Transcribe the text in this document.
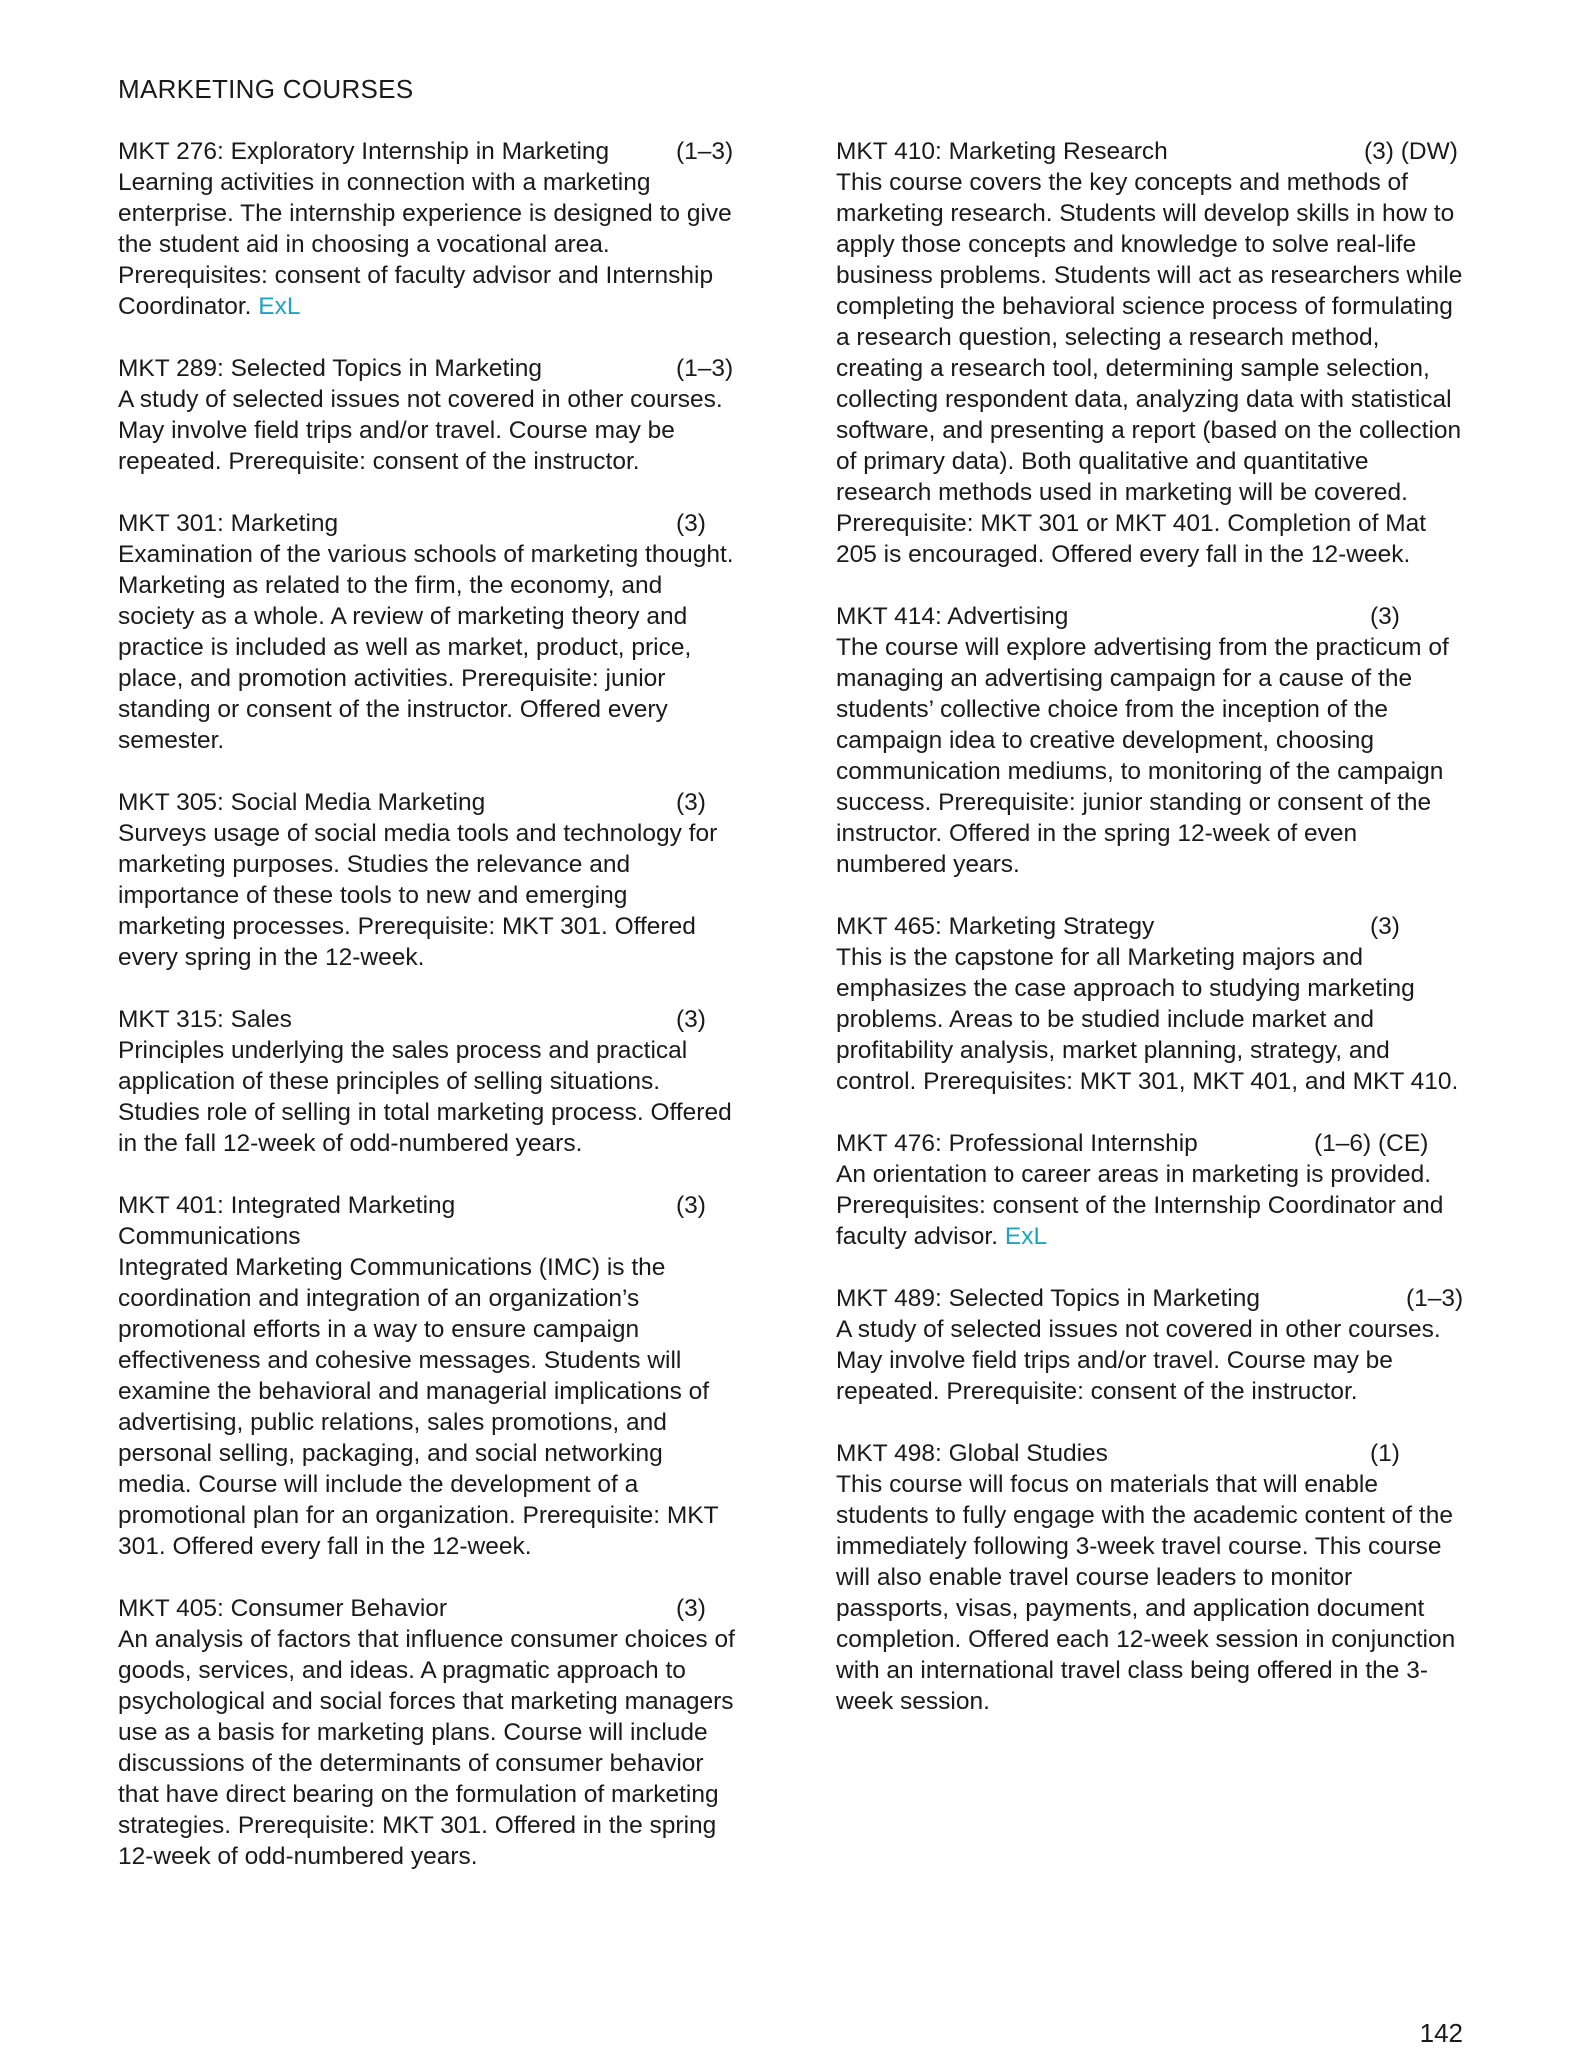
MARKETING COURSES
MKT 276: Exploratory Internship in Marketing	(1–3)

Learning activities in connection with a marketing enterprise. The internship experience is designed to give the student aid in choosing a vocational area. Prerequisites: consent of faculty advisor and Internship Coordinator. ExL

MKT 289: Selected Topics in Marketing	(1–3)

A study of selected issues not covered in other courses. May involve field trips and/or travel. Course may be repeated. Prerequisite: consent of the instructor.

MKT 301: Marketing	(3)

Examination of the various schools of marketing thought. Marketing as related to the firm, the economy, and society as a whole. A review of marketing theory and practice is included as well as market, product, price, place, and promotion activities. Prerequisite: junior standing or consent of the instructor. Offered every semester.

MKT 305: Social Media Marketing	(3)

Surveys usage of social media tools and technology for marketing purposes. Studies the relevance and importance of these tools to new and emerging marketing processes. Prerequisite: MKT 301. Offered every spring in the 12-week.

MKT 315: Sales	(3)

Principles underlying the sales process and practical application of these principles of selling situations. Studies role of selling in total marketing process. Offered in the fall 12-week of odd-numbered years.

MKT 401: Integrated Marketing Communications
(3)

Integrated Marketing Communications (IMC) is the coordination and integration of an organization’s promotional efforts in a way to ensure campaign effectiveness and cohesive messages. Students will examine the behavioral and managerial implications of advertising, public relations, sales promotions, and personal selling, packaging, and social networking media. Course will include the development of a promotional plan for an organization. Prerequisite: MKT 301. Offered every fall in the 12-week.

MKT 405: Consumer Behavior	(3)

An analysis of factors that influence consumer choices of goods, services, and ideas. A pragmatic approach to psychological and social forces that marketing managers use as a basis for marketing plans. Course will include discussions of the determinants of consumer behavior that have direct bearing on the formulation of marketing strategies. Prerequisite: MKT 301. Offered in the spring 12-week of odd-numbered years.

MKT 410: Marketing Research	(3) (DW)

This course covers the key concepts and methods of marketing research. Students will develop skills in how to apply those concepts and knowledge to solve real-life business problems. Students will act as researchers while completing the behavioral science process of formulating a research question, selecting a research method, creating a research tool, determining sample selection, collecting respondent data, analyzing data with statistical software, and presenting a report (based on the collection of primary data). Both qualitative and quantitative research methods used in marketing will be covered. Prerequisite: MKT 301 or MKT 401. Completion of Mat 205 is encouraged. Offered every fall in the 12-week.

MKT 414: Advertising	(3)

The course will explore advertising from the practicum of managing an advertising campaign for a cause of the students’ collective choice from the inception of the campaign idea to creative development, choosing communication mediums, to monitoring of the campaign success. Prerequisite: junior standing or consent of the instructor. Offered in the spring 12-week of even numbered years.

MKT 465: Marketing Strategy	(3)

This is the capstone for all Marketing majors and emphasizes the case approach to studying marketing problems. Areas to be studied include market and profitability analysis, market planning, strategy, and control. Prerequisites: MKT 301, MKT 401, and MKT 410.

MKT 476: Professional Internship	(1–6) (CE)

An orientation to career areas in marketing is provided. Prerequisites: consent of the Internship Coordinator and faculty advisor. ExL

MKT 489: Selected Topics in Marketing	(1–3)

A study of selected issues not covered in other courses. May involve field trips and/or travel. Course may be repeated. Prerequisite: consent of the instructor.

MKT 498: Global Studies	(1)

This course will focus on materials that will enable students to fully engage with the academic content of the immediately following 3-week travel course. This course will also enable travel course leaders to monitor passports, visas, payments, and application document completion. Offered each 12-week session in conjunction with an international travel class being offered in the 3-week session.

142
